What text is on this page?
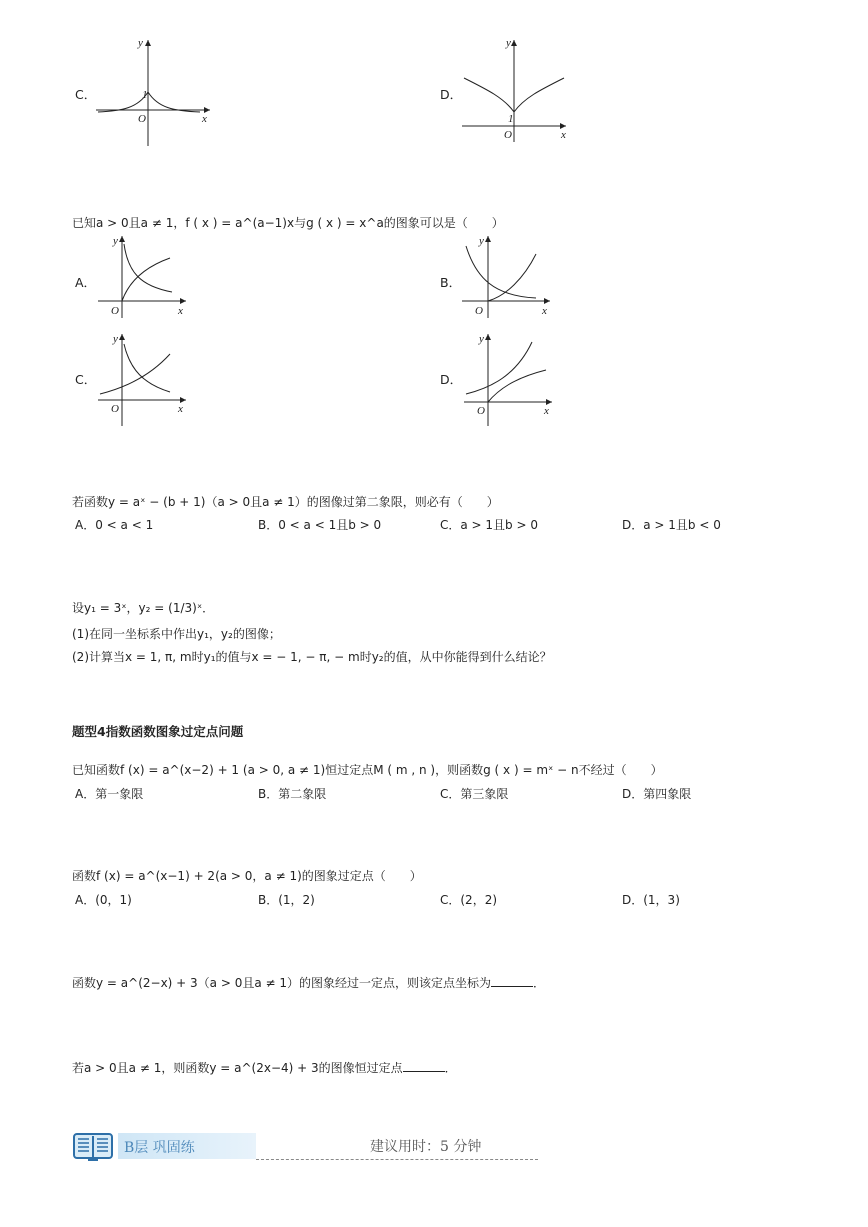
C．
y
x
O
1	D．
y
x
O
1
已知a > 0且a ≠ 1，f ( x ) = a^(a−1)x与g ( x ) = x^a的图象可以是（　　）
A．
y
x
O
B．
y
x
O
C．
y
x
O
D．
y
x
O
若函数y = aˣ − (b + 1)（a > 0且a ≠ 1）的图像过第二象限，则必有（　　）
A．0 < a < 1	B．0 < a < 1且b > 0	C．a > 1且b > 0	D．a > 1且b < 0
设y₁ = 3ˣ，y₂ = (1/3)ˣ．
(1)在同一坐标系中作出y₁，y₂的图像；
(2)计算当x = 1, π, m时y₁的值与x = − 1, − π, − m时y₂的值，从中你能得到什么结论？
题型4指数函数图象过定点问题
已知函数f (x) = a^(x−2) + 1 (a > 0, a ≠ 1)恒过定点M ( m , n )，则函数g ( x ) = mˣ − n不经过（　　）
A．第一象限	B．第二象限	C．第三象限	D．第四象限
函数f (x) = a^(x−1) + 2(a > 0，a ≠ 1)的图象过定点（　　）
A．(0，1)	B．(1，2)	C．(2，2)	D．(1，3)
函数y = a^(2−x) + 3（a > 0且a ≠ 1）的图象经过一定点，则该定点坐标为	．
若a > 0且a ≠ 1，则函数y = a^(2x−4) + 3的图像恒过定点	．
B层 巩固练	建议用时：5 分钟
